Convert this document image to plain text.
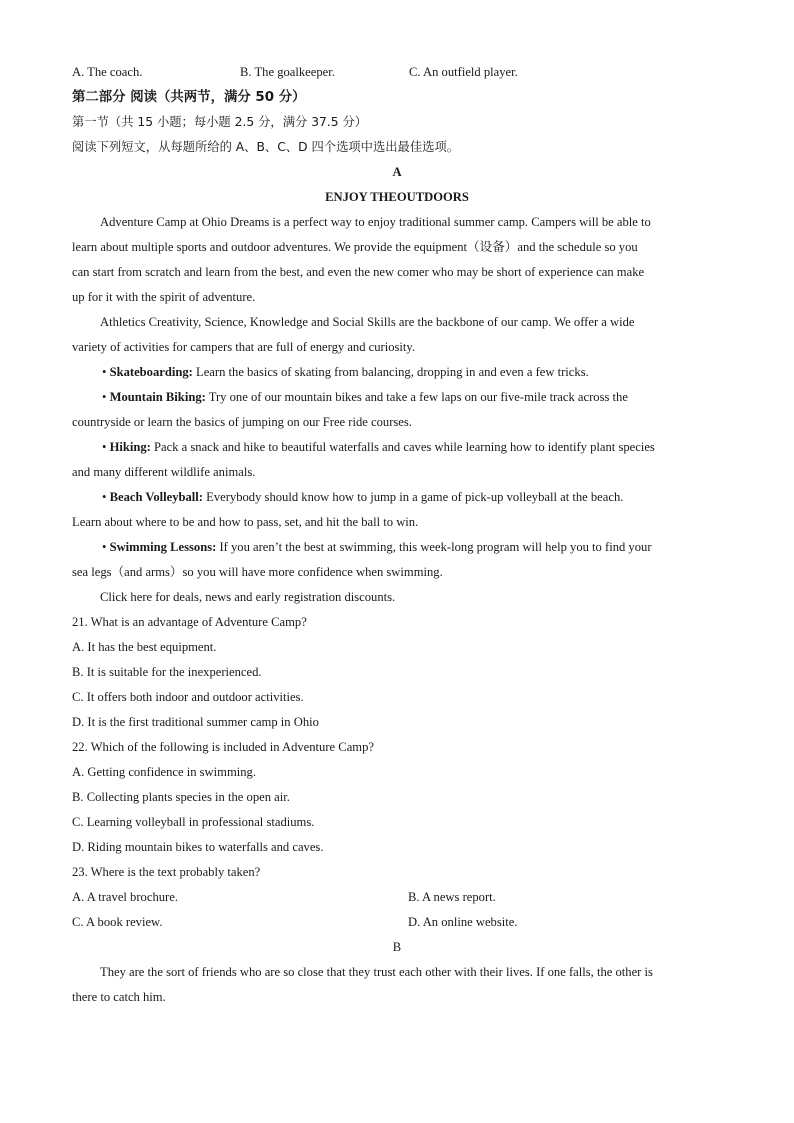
A. The coach.	B. The goalkeeper.	C. An outfield player.
第二部分 阅读（共两节，满分 50 分）
第一节（共 15 小题；每小题 2.5 分，满分 37.5 分）
阅读下列短文，从每题所给的 A、B、C、D 四个选项中选出最佳选项。
A
ENJOY THEOUTDOORS
Adventure Camp at Ohio Dreams is a perfect way to enjoy traditional summer camp. Campers will be able to
learn about multiple sports and outdoor adventures. We provide the equipment（设备）and the schedule so you
can start from scratch and learn from the best, and even the new comer who may be short of experience can make
up for it with the spirit of adventure.
Athletics Creativity, Science, Knowledge and Social Skills are the backbone of our camp. We offer a wide
variety of activities for campers that are full of energy and curiosity.
• Skateboarding: Learn the basics of skating from balancing, dropping in and even a few tricks.
• Mountain Biking: Try one of our mountain bikes and take a few laps on our five-mile track across the
countryside or learn the basics of jumping on our Free ride courses.
• Hiking: Pack a snack and hike to beautiful waterfalls and caves while learning how to identify plant species
and many different wildlife animals.
• Beach Volleyball: Everybody should know how to jump in a game of pick-up volleyball at the beach.
Learn about where to be and how to pass, set, and hit the ball to win.
• Swimming Lessons: If you aren’t the best at swimming, this week-long program will help you to find your
sea legs（and arms）so you will have more confidence when swimming.
Click here for deals, news and early registration discounts.
21. What is an advantage of Adventure Camp?
A. It has the best equipment.
B. It is suitable for the inexperienced.
C. It offers both indoor and outdoor activities.
D. It is the first traditional summer camp in Ohio
22. Which of the following is included in Adventure Camp?
A. Getting confidence in swimming.
B. Collecting plants species in the open air.
C. Learning volleyball in professional stadiums.
D. Riding mountain bikes to waterfalls and caves.
23. Where is the text probably taken?
A. A travel brochure.	B. A news report.
C. A book review.	D. An online website.
B
They are the sort of friends who are so close that they trust each other with their lives. If one falls, the other is
there to catch him.
